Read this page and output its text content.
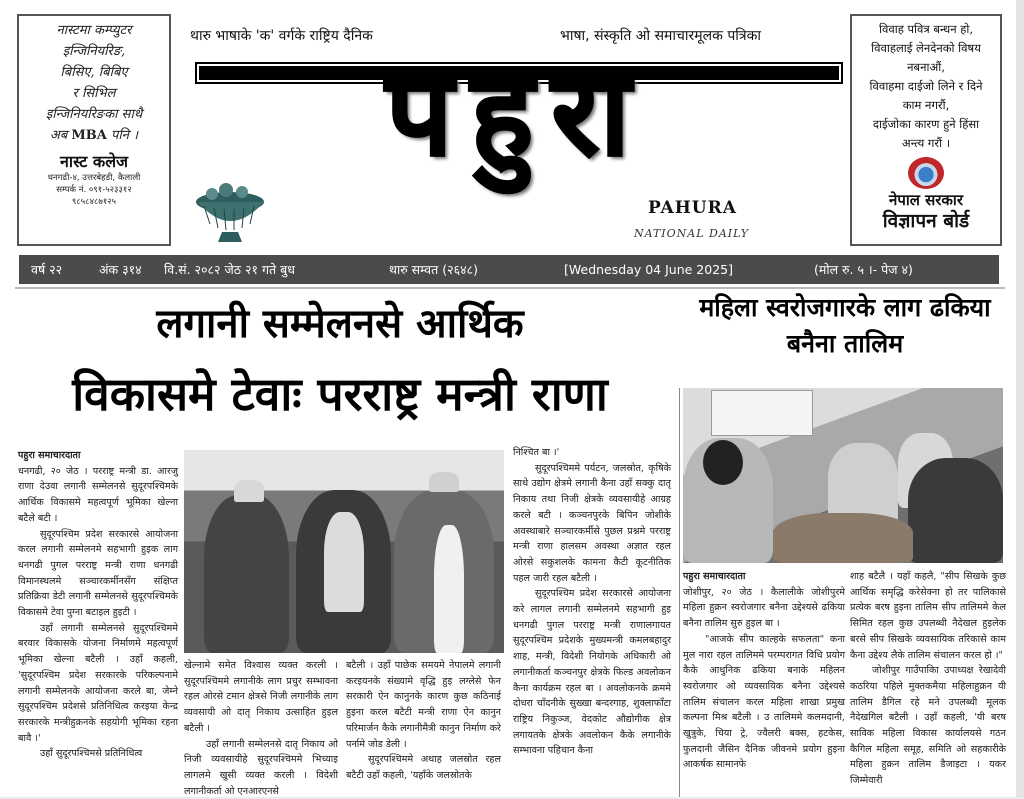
नास्टमा कम्प्युटर
इन्जिनियरिङ,
बिसिए, बिबिए
र सिभिल
इन्जिनियरिङका साथै
अब MBA पनि ।
नास्ट कलेज
धनगढी-४, उत्तरबेहडी, कैलाली
सम्पर्क नं. ०९१-५२३३१२
९८५८४८७१२५
थारु भाषाके 'क' वर्गके राष्ट्रिय दैनिक	भाषा, संस्कृति ओ समाचारमूलक पत्रिका
पहुरा
PAHURA
NATIONAL DAILY
विवाह पवित्र बन्धन हो,
विवाहलाई लेनदेनको विषय
नबनाऔं,
विवाहमा दाईजो लिने र दिने
काम नगरौं,
दाईजोका कारण हुने हिंसा
अन्त्य गरौं ।
नेपाल सरकार
विज्ञापन बोर्ड
वर्ष २२	अंक ३१४ वि.सं. २०८२ जेठ २१ गते बुध	थारु सम्वत (२६४८)	[Wednesday 04 June 2025]	(मोल रु. ५ ।- पेज ४)
लगानी सम्मेलनसे आर्थिक
विकासमे टेवाः परराष्ट्र मन्त्री राणा
महिला स्वरोजगारके लाग ढकिया बनैना तालिम

पहुरा समाचारदाता

धनगढी, २० जेठ । परराष्ट्र मन्त्री डा. आरजु राणा देउवा लगानी सम्मेलनसे सुदूरपश्चिमके आर्थिक विकासमे महत्वपूर्ण भूमिका खेल्ना बटैले बटी ।

सुदूरपश्चिम प्रदेश सरकारसे आयोजना करल लगानी सम्मेलनमे सहभागी हुइक लाग धनगढी पुगल परराष्ट्र मन्त्री राणा धनगढी विमानस्थलमे सञ्चारकर्मीनसँग संक्षिप्त प्रतिक्रिया डेटी लगानी सम्मेलनसे सुदूरपश्चिमके विकासमे टेवा पुग्ना बटाइल हुइटी ।

उहाँ लगानी सम्मेलनसे सुदूरपश्चिममे बरवार विकासके योजना निर्माणमे महत्वपूर्ण भूमिका खेल्ना बटैली । उहाँ कहली, 'सुदूरपश्चिम प्रदेश सरकारके परिकल्पनामे लगानी सम्मेलनके आयोजना करले बा, जेम्ने सुदूरपश्चिम प्रदेशसे प्रतिनिधित्व करइया केन्द्र सरकारके मन्त्रीहुक्रनके सहयोगी भूमिका रहना बावै ।'

उहाँ सुदूरपश्चिमसे प्रतिनिधित्व

खेल्नामे समेत विश्वास व्यक्त करली । सुदूरपश्चिममे लगानीके लाग प्रचुर सम्भावना रहल ओरसे टमान क्षेत्रसे निजी लगानीके लाग व्यवसायी ओ दातृ निकाय उत्साहित हुइल बटैली ।

उहाँ लगानी सम्मेलनसे दातृ निकाय ओ निजी व्यवसायीहे सुदूरपश्चिममे भिच्याइ लागलमे खुसी व्यक्त करली । विदेशी लगानीकर्ता ओ एनआरएनसे

बटैली । उहाँ पाछेक समयमे नेपालमे लगानी करइयनके संख्यामे वृद्धि हुइ लग्लेसे फेन सरकारी ऐन कानुनके कारण कुछ कठिनाई हुइना करल बटैटी मन्त्री राणा ऐन कानुन परिमार्जन कैके लगानीमैत्री कानुन निर्माण करे पर्नामे जोड डेली ।

सुदूरपश्चिममे अथाह जलस्रोत रहल बटैटी उहाँ कहली, 'यहाँके जलस्रोतके

निश्चित बा ।'

सुदूरपश्चिममे पर्यटन, जलस्रोत, कृषिके साथे उद्योग क्षेत्रमे लगानी कैना उहाँ सक्कु दातृ निकाय तथा निजी क्षेत्रके व्यवसायीहे आग्रह करले बटी । कञ्चनपुरके बिपिन जोशीके अवस्थाबारे सञ्चारकर्मीसे पुछल प्रश्नमे परराष्ट्र मन्त्री राणा हालसम अवस्था अज्ञात रहल ओरसे सकुशलके कामना कैटी कूटनीतिक पहल जारी रहल बटैली ।

सुदूरपश्चिम प्रदेश सरकारसे आयोजना करे लागल लगानी सम्मेलनमे सहभागी हुइ धनगढी पुगल परराष्ट्र मन्त्री राणालगायत सुदूरपश्चिम प्रदेशके मुख्यमन्त्री कमलबहादुर शाह, मन्त्री, विदेशी नियोगके अधिकारी ओ लगानीकर्ता कञ्चनपुर क्षेत्रके फिल्ड अवलोकन कैना कार्यक्रम रहल बा । अवलोकनके क्रममे दोधरा चाँदनीके सुख्खा बन्दरगाह, शुक्लाफाँटा राष्ट्रिय निकुञ्ज, वेदकोट औद्योगीक क्षेत्र लगायतके क्षेत्रके अवलोकन कैके लगानीके सम्भावना पहिचान कैना

पहुरा समाचारदाता

जोशीपुर, २० जेठ । कैलालीके जोशीपुरमे महिला हुक्रन स्वरोजगार बनैना उद्देश्यसे ढकिया बनैना तालिम सुरु हुइल बा ।

"आजके सीप काल्हके सफलता" कना मुल नारा रहल तालिममे परम्परागत विधि प्रयोग कैके आधुनिक ढकिया बनाके महिलन स्वरोजगार ओ व्यवसायिक बनैना उद्देश्यसे तालिम संचालन करल महिला शाखा प्रमुख कल्पना मिश्र बटैली । उ तालिममे कलमदानी, खुत्रुके, चिया ट्रे, ज्वैलरी बक्स, हटकेस, फुलदानी जैसिन दैनिक जीवनमे प्रयोग हुइना आकर्षक सामानफे

शाह बटैलै । यहाँ कहलै, "सीप सिखके कुछ आर्थिक समृद्धि करेसेक्ना हो तर पालिकासे प्रत्येक बरष हुइना तालिम सीप तालिममे केल सिमित रहल कुछ उपलब्धी नैदेखल हुइलेक बरसे सीप सिखके व्यवसायिक तरिकासे काम कैना उद्देश्य लैके तालिम संचालन करल हो ।"

जोशीपुर गाउँपाकिा उपाध्यक्ष रेखादेवी कठरिया पहिले मुक्तकमैया महिलाहुक्रन यी तालिम डैगिल रहे मने उपलब्धी मूलक नैदेखगिल बटैली । उहाँ कहली, 'यी बरष साविक महिला विकास कार्यालयसे गठन कैगिल महिला समूह, समिति ओ सहकारीके महिला हुक्रन तालिम डैजाइटा । यकर जिम्मेवारी
